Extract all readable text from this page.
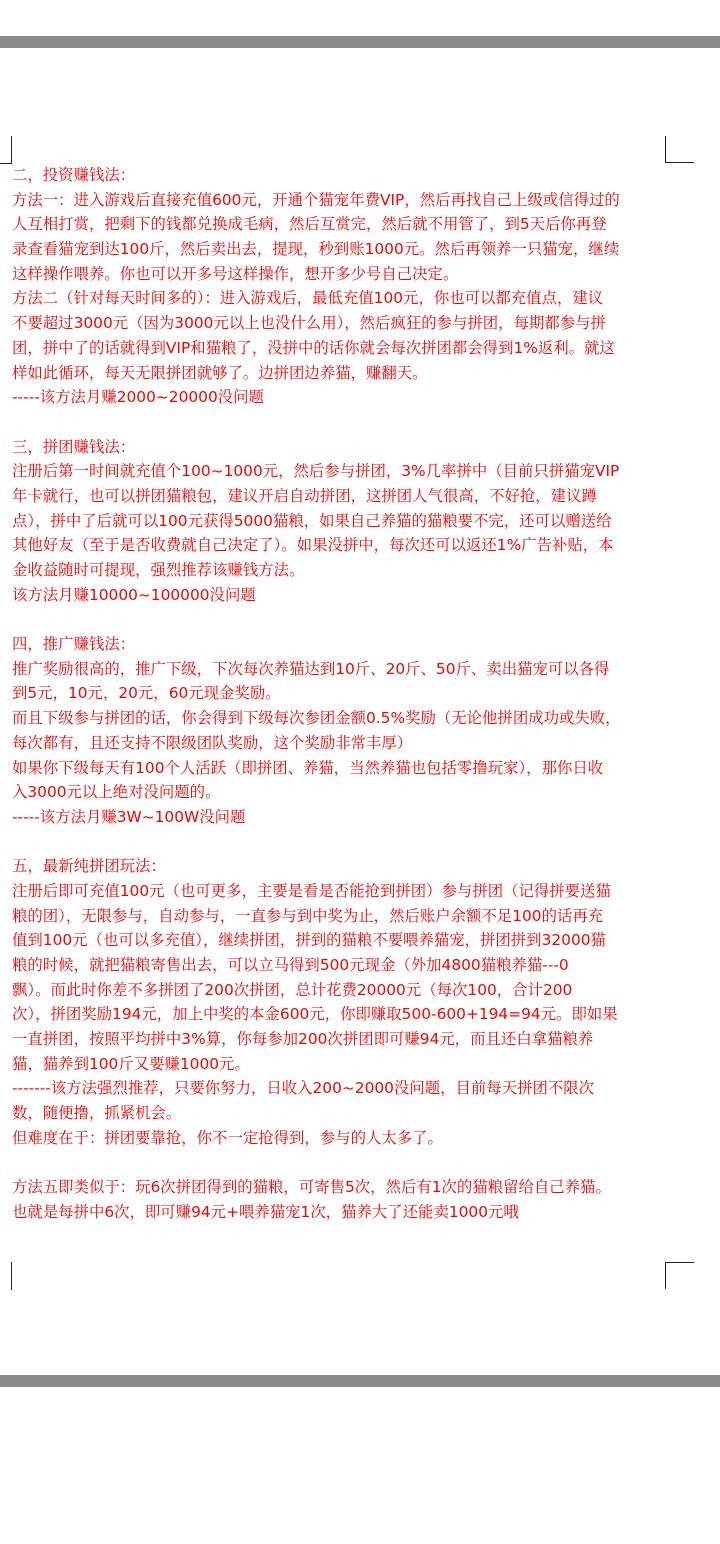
二，投资赚钱法：
方法一：进入游戏后直接充值600元，开通个猫宠年费VIP，然后再找自己上级或信得过的
人互相打赏，把剩下的钱都兑换成毛病，然后互赏完，然后就不用管了，到5天后你再登
录查看猫宠到达100斤，然后卖出去，提现，秒到账1000元。然后再领养一只猫宠，继续
这样操作喂养。你也可以开多号这样操作，想开多少号自己决定。
方法二（针对每天时间多的）：进入游戏后，最低充值100元，你也可以都充值点，建议
不要超过3000元（因为3000元以上也没什么用），然后疯狂的参与拼团，每期都参与拼
团，拼中了的话就得到VIP和猫粮了，没拼中的话你就会每次拼团都会得到1%返利。就这
样如此循环，每天无限拼团就够了。边拼团边养猫，赚翻天。
-----该方法月赚2000~20000没问题
三，拼团赚钱法：
注册后第一时间就充值个100~1000元，然后参与拼团，3%几率拼中（目前只拼猫宠VIP
年卡就行，也可以拼团猫粮包，建议开启自动拼团，这拼团人气很高，不好抢，建议蹲
点），拼中了后就可以100元获得5000猫粮，如果自己养猫的猫粮要不完，还可以赠送给
其他好友（至于是否收费就自己决定了）。如果没拼中，每次还可以返还1%广告补贴，本
金收益随时可提现，强烈推荐该赚钱方法。
该方法月赚10000~100000没问题
四，推广赚钱法：
推广奖励很高的，推广下级，下次每次养猫达到10斤、20斤、50斤、卖出猫宠可以各得
到5元，10元，20元，60元现金奖励。
而且下级参与拼团的话，你会得到下级每次参团金额0.5%奖励（无论他拼团成功或失败，
每次都有，且还支持不限级团队奖励，这个奖励非常丰厚）
如果你下级每天有100个人活跃（即拼团、养猫，当然养猫也包括零撸玩家），那你日收
入3000元以上绝对没问题的。
-----该方法月赚3W~100W没问题
五，最新纯拼团玩法：
注册后即可充值100元（也可更多，主要是看是否能抢到拼团）参与拼团（记得拼要送猫
粮的团），无限参与，自动参与，一直参与到中奖为止，然后账户余额不足100的话再充
值到100元（也可以多充值），继续拼团，拼到的猫粮不要喂养猫宠，拼团拼到32000猫
粮的时候，就把猫粮寄售出去，可以立马得到500元现金（外加4800猫粮养猫---0
飘）。而此时你差不多拼团了200次拼团，总计花费20000元（每次100，合计200
次），拼团奖励194元，加上中奖的本金600元，你即赚取500-600+194=94元。即如果
一直拼团，按照平均拼中3%算，你每参加200次拼团即可赚94元，而且还白拿猫粮养
猫，猫养到100斤又要赚1000元。
-------该方法强烈推荐，只要你努力，日收入200~2000没问题，目前每天拼团不限次
数，随便撸，抓紧机会。
但难度在于：拼团要靠抢，你不一定抢得到，参与的人太多了。
方法五即类似于：玩6次拼团得到的猫粮，可寄售5次，然后有1次的猫粮留给自己养猫。
也就是每拼中6次，即可赚94元+喂养猫宠1次，猫养大了还能卖1000元哦
